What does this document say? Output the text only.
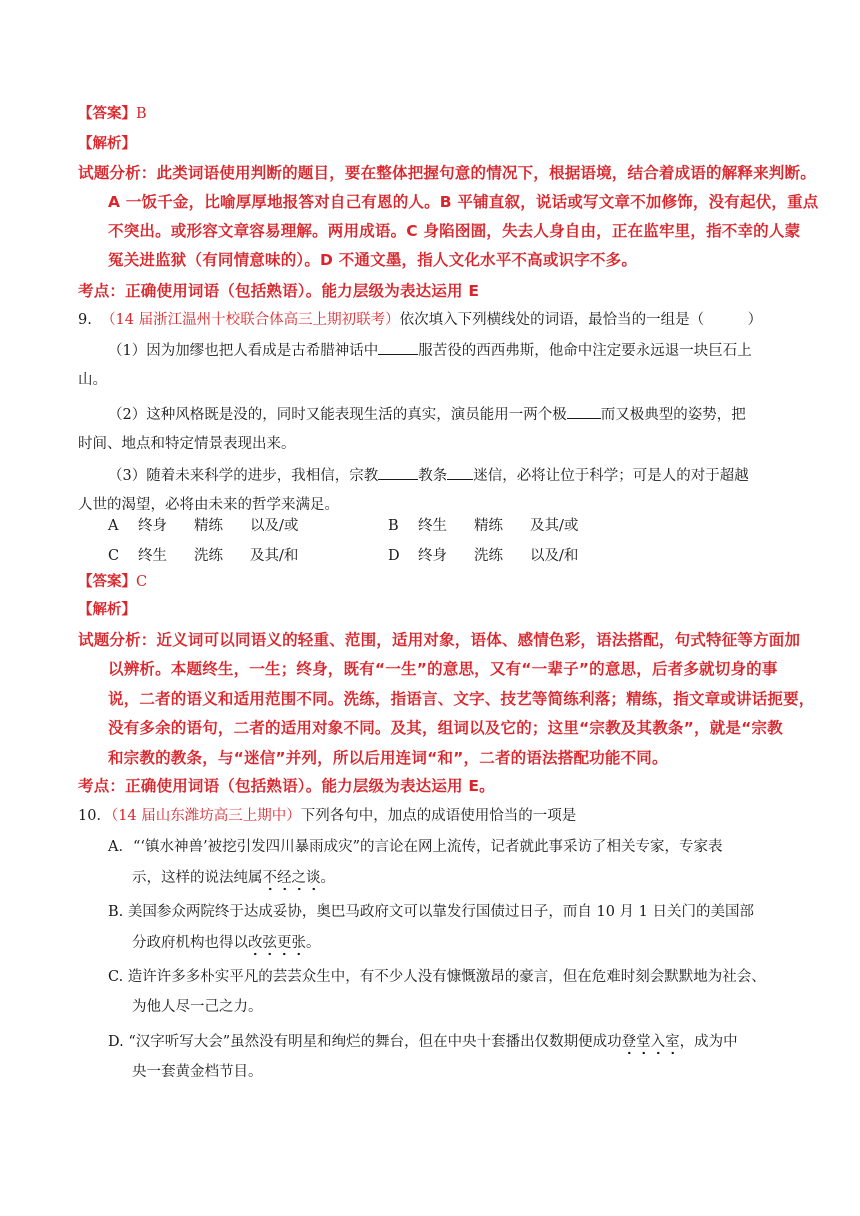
【答案】B
【解析】
试题分析：此类词语使用判断的题目，要在整体把握句意的情况下，根据语境，结合着成语的解释来判断。
A 一饭千金，比喻厚厚地报答对自己有恩的人。B 平铺直叙，说话或写文章不加修饰，没有起伏，重点
不突出。或形容文章容易理解。两用成语。C 身陷囹圄，失去人身自由，正在监牢里，指不幸的人蒙
冤关进监狱（有同情意味的）。D 不通文墨，指人文化水平不高或识字不多。
考点：正确使用词语（包括熟语）。能力层级为表达运用 E
9. （14 届浙江温州十校联合体高三上期初联考）依次填入下列横线处的词语，最恰当的一组是（　　　）
（1）因为加缪也把人看成是古希腊神话中	服苦役的西西弗斯，他命中注定要永远退一块巨石上
山。
（2）这种风格既是没的，同时又能表现生活的真实，演员能用一两个极 而又极典型的姿势，把
时间、地点和特定情景表现出来。
（3）随着未来科学的进步，我相信，宗教	教条 迷信，必将让位于科学；可是人的对于超越
人世的渴望，必将由未来的哲学来满足。
A 终身 精练 以及/或	B 终生 精练 及其/或
C 终生 洗练 及其/和	D 终身 洗练 以及/和
【答案】C
【解析】
试题分析：近义词可以同语义的轻重、范围，适用对象，语体、感情色彩，语法搭配，句式特征等方面加
以辨析。本题终生，一生；终身，既有“一生”的意思，又有“一辈子”的意思，后者多就切身的事
说，二者的语义和适用范围不同。洗练，指语言、文字、技艺等简练利落；精练，指文章或讲话扼要，
没有多余的语句，二者的适用对象不同。及其，组词以及它的；这里“宗教及其教条”，就是“宗教
和宗教的教条，与“迷信”并列，所以后用连词“和”，二者的语法搭配功能不同。
考点：正确使用词语（包括熟语）。能力层级为表达运用 E。
10．（14 届山东潍坊高三上期中）下列各句中，加点的成语使用恰当的一项是
A．“‘镇水神兽’被挖引发四川暴雨成灾”的言论在网上流传，记者就此事采访了相关专家，专家表
示，这样的说法纯属不经之谈。
B. 美国参众两院终于达成妥协，奥巴马政府文可以靠发行国债过日子，而自 10 月 1 日关门的美国部
分政府机构也得以改弦更张。
C. 造许许多多朴实平凡的芸芸众生中，有不少人没有慷慨激昂的豪言，但在危难时刻会默默地为社会、
为他人尽一己之力。
D. “汉字听写大会”虽然没有明星和绚烂的舞台，但在中央十套播出仅数期便成功登堂入室，成为中
央一套黄金档节目。
